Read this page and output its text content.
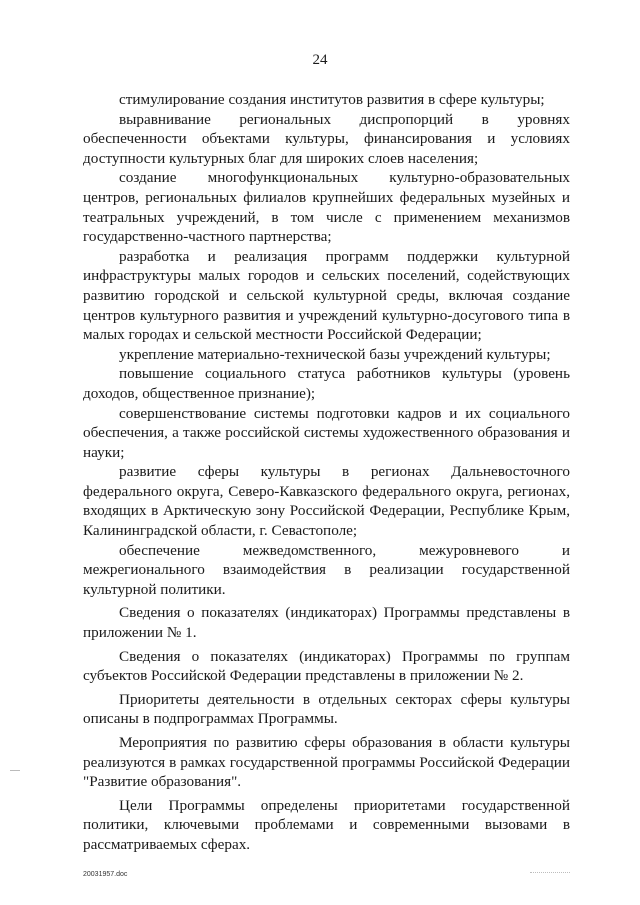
24

стимулирование создания институтов развития в сфере культуры;

выравнивание региональных диспропорций в уровнях обеспеченности объектами культуры, финансирования и условиях доступности культурных благ для широких слоев населения;

создание многофункциональных культурно-образовательных центров, региональных филиалов крупнейших федеральных музейных и театральных учреждений, в том числе с применением механизмов государственно-частного партнерства;

разработка и реализация программ поддержки культурной инфраструктуры малых городов и сельских поселений, содействующих развитию городской и сельской культурной среды, включая создание центров культурного развития и учреждений культурно-досугового типа в малых городах и сельской местности Российской Федерации;

укрепление материально-технической базы учреждений культуры;

повышение социального статуса работников культуры (уровень доходов, общественное признание);

совершенствование системы подготовки кадров и их социального обеспечения, а также российской системы художественного образования и науки;

развитие сферы культуры в регионах Дальневосточного федерального округа, Северо-Кавказского федерального округа, регионах, входящих в Арктическую зону Российской Федерации, Республике Крым, Калининградской области, г. Севастополе;

обеспечение межведомственного, межуровневого и межрегионального взаимодействия в реализации государственной культурной политики.

Сведения о показателях (индикаторах) Программы представлены в приложении № 1.

Сведения о показателях (индикаторах) Программы по группам субъектов Российской Федерации представлены в приложении № 2.

Приоритеты деятельности в отдельных секторах сферы культуры описаны в подпрограммах Программы.

Мероприятия по развитию сферы образования в области культуры реализуются в рамках государственной программы Российской Федерации "Развитие образования".

Цели Программы определены приоритетами государственной политики, ключевыми проблемами и современными вызовами в рассматриваемых сферах.

20031957.doc
